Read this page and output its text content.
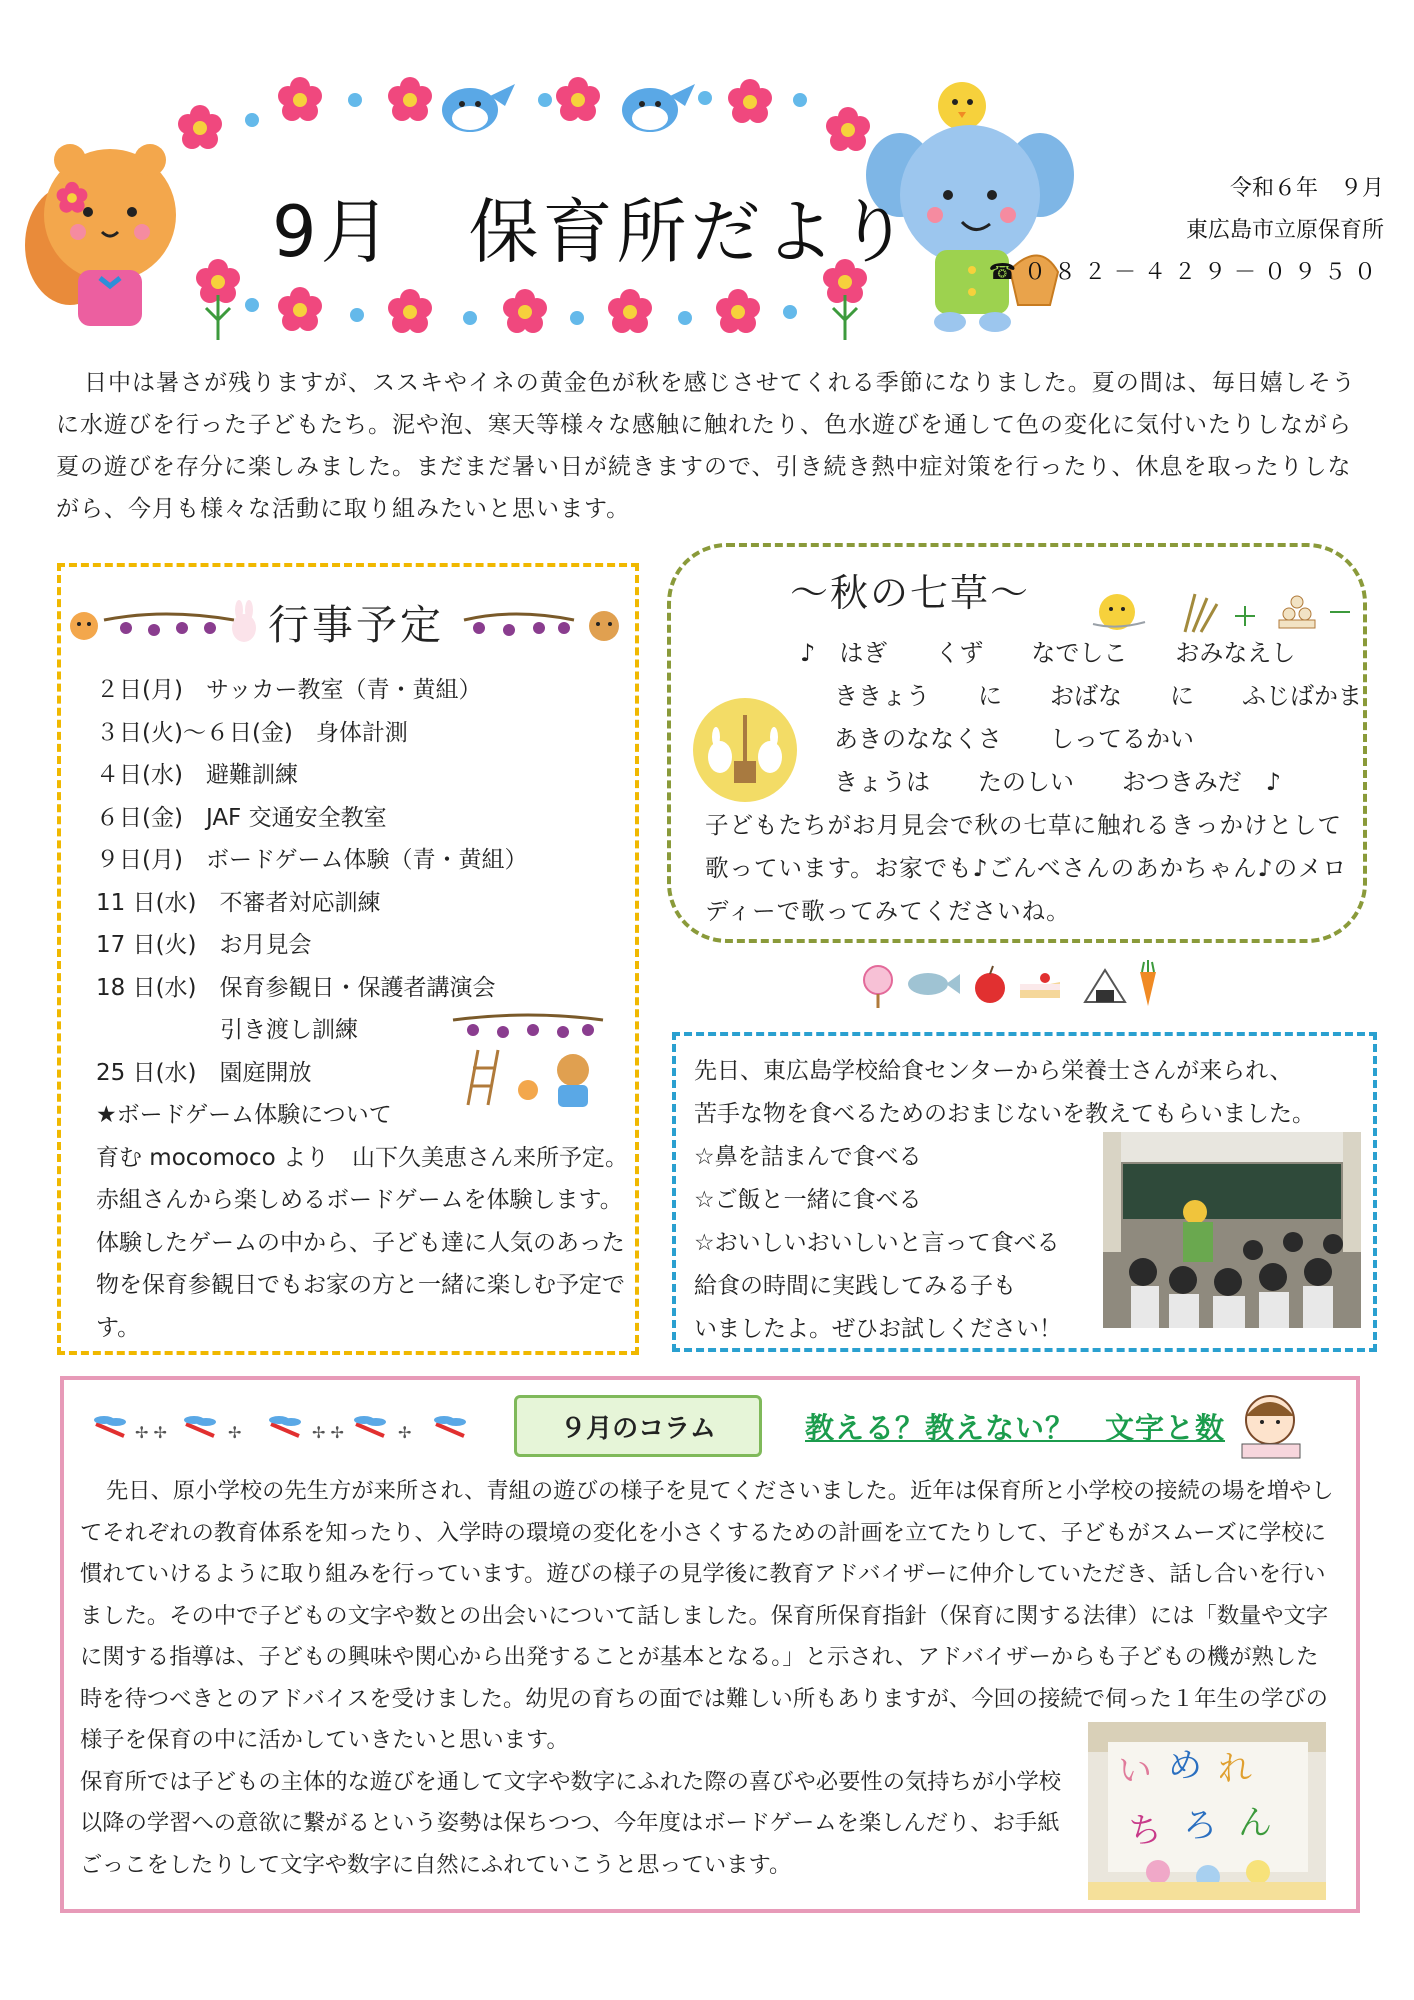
9月　保育所だより
令和６年　９月
東広島市立原保育所
☎０８２－４２９－０９５０
日中は暑さが残りますが、ススキやイネの黄金色が秋を感じさせてくれる季節になりました。夏の間は、毎日嬉しそうに水遊びを行った子どもたち。泥や泡、寒天等様々な感触に触れたり、色水遊びを通して色の変化に気付いたりしながら夏の遊びを存分に楽しみました。まだまだ暑い日が続きますので、引き続き熱中症対策を行ったり、休息を取ったりしながら、今月も様々な活動に取り組みたいと思います。
行事予定
２日(月)　サッカー教室（青・黄組）
３日(火)～６日(金)　身体計測
４日(水)　避難訓練
６日(金)　JAF 交通安全教室
９日(月)　ボードゲーム体験（青・黄組）
11 日(水)　不審者対応訓練
17 日(火)　お月見会
18 日(水)　保育参観日・保護者講演会
引き渡し訓練
25 日(水)　園庭開放
★ボードゲーム体験について
育む mocomoco より　山下久美恵さん来所予定。赤組さんから楽しめるボードゲームを体験します。体験したゲームの中から、子ども達に人気のあった物を保育参観日でもお家の方と一緒に楽しむ予定です。
～秋の七草～
♪　はぎ　　くず　　なでしこ　　おみなえし
ききょう　　に　　おばな　　に　　ふじばかま
あきのななくさ　　しってるかい
きょうは　　たのしい　　おつきみだ　♪
子どもたちがお月見会で秋の七草に触れるきっかけとして歌っています。お家でも♪ごんべさんのあかちゃん♪のメロディーで歌ってみてくださいね。
先日、東広島学校給食センターから栄養士さんが来られ、
苦手な物を食べるためのおまじないを教えてもらいました。
☆鼻を詰まんで食べる
☆ご飯と一緒に食べる
☆おいしいおいしいと言って食べる
給食の時間に実践してみる子も
いましたよ。ぜひお試しください！
✢ ✢	✢	✢ ✢	✢	９月のコラム	教える？教えない？　文字と数

先日、原小学校の先生方が来所され、青組の遊びの様子を見てくださいました。近年は保育所と小学校の接続の場を増やしてそれぞれの教育体系を知ったり、入学時の環境の変化を小さくするための計画を立てたりして、子どもがスムーズに学校に慣れていけるように取り組みを行っています。遊びの様子の見学後に教育アドバイザーに仲介していただき、話し合いを行いました。その中で子どもの文字や数との出会いについて話しました。保育所保育指針（保育に関する法律）には「数量や文字に関する指導は、子どもの興味や関心から出発することが基本となる。」と示され、アドバイザーからも子どもの機が熟した時を待つべきとのアドバイスを受けました。幼児の育ちの面では難しい所もありますが、今回の接続で伺った１年生の学びの様子を保育の中に活かしていきたいと思います。

保育所では子どもの主体的な遊びを通して文字や数字にふれた際の喜びや必要性の気持ちが小学校以降の学習への意欲に繋がるという姿勢は保ちつつ、今年度はボードゲームを楽しんだり、お手紙ごっこをしたりして文字や数字に自然にふれていこうと思っています。

い め れ
ち ろ ん
